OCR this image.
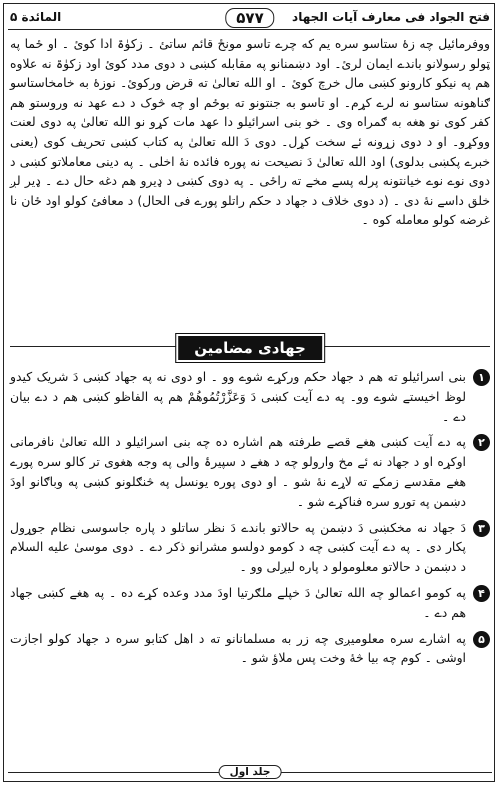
فتح الجواد فی معارف آیات الجهاد
۵۷۷
المائدة ۵

ووفرمائیل چه زهٔ ستاسو سره یم که چرے تاسو مونځ قائم ساتئ ۔ زکوٰۃ ادا کوئ ۔ او ځما په ټولو رسولانو باندے ایمان لرئ۔ اود دښمنانو په مقابله کښی د دوی مدد کوئ اود زکوٰۃ نه علاوه هم په نیکو کارونو کښی مال خرچ کوئ ۔ او الله تعالیٰ ته قرض ورکوئ۔ نوزهٔ به خامخاستاسو ګناهونه ستاسو نه لرے کړم۔ او تاسو به جنتونو ته بوځم او چه څوک د دے عهد نه وروستو هم کفر کوی نو هغه به ګمراه وی ۔ خو بنی اسرائیلو دا عهد مات کړو نو الله تعالیٰ په دوی لعنت ووکړو۔ او د دوی زړونه ئے سخت کړل۔ دوی دَ الله تعالیٰ په کتاب کښی تحریف کوی (یعنی خبرے پکښی بدلوی) اود الله تعالیٰ دَ نصیحت نه پوره فائده نهٔ اخلی ۔ په دینی معاملاتو کښی د دوی نوے نوے خیانتونه پرله پسے مخے ته راځی ۔ په دوی کښی د ډیرو هم دغه حال دے ۔ ډیر لږ خلق داسے نهٔ دی ۔ (د دوی خلاف د جهاد د حکم راتلو پورے فی الحال) د معافئ کولو اود ځان نا غرضه کولو معامله کوه ۔

جهادی مضامین
۱
بنی اسرائیلو ته هم د جهاد حکم ورکړے شوے وو ۔ او دوی نه په جهاد کښی دَ شریک کیدو لوظ اخیستے شوے وو۔ په دے آیت کښی دَ وَعَزَّرْتُمُوهُمْ هم په الفاظو کښی هم د دے بیان دے ۔
۲
په دے آیت کښی هغے قصے طرفته هم اشاره ده چه بنی اسرائیلو د الله تعالیٰ نافرمانی اوکړه او د جهاد نه ئے مخ وارولو چه د هغے د سپیرۂ والی په وجه هغوی تر کالو سره پورے هغے مقدسے زمکے ته لاړے نهٔ شو ۔ او دوی پوره یونسل په څنګلونو کښی په وباګانو اودَ دښمن په تورو سره فناکړے شو ۔
۳
دَ جهاد نه مخکښی دَ دښمن په حالاتو باندے دَ نظر ساتلو د پاره جاسوسی نظام جوړول پکار دی ۔ په دے آیت کښی چه د کومو دولسو مشرانو ذکر دے ۔ دوی موسیٰ علیه السلام د دښمن د حالاتو معلومولو د پاره لیږلی وو ۔
۴
په کومو اعمالو چه الله تعالیٰ دَ خپلے ملګرتیا اودَ مدد وعده کړے ده ۔ په هغے کښی جهاد هم دے ۔
۵
په اشارے سره معلومیږی چه زر به مسلمانانو ته د اهل کتابو سره د جهاد کولو اجازت اوشی ۔ کوم چه بیا څهٔ وخت پس ملاؤ شو ۔
جلد اول
